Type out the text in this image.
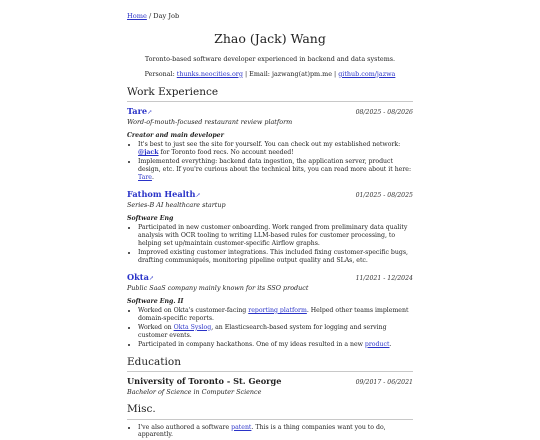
Home / Day Job
Zhao (Jack) Wang
Toronto-based software developer experienced in backend and data systems.
Personal: thunks.neocities.org | Email: jazwang(at)pm.me | github.com/jazwa
Work Experience
Tare↗	08/2025 - 08/2026
Word-of-mouth-focused restaurant review platform
Creator and main developer
• It's best to just see the site for yourself. You can check out my established network: @jack for Toronto food recs. No account needed!
• Implemented everything: backend data ingestion, the application server, product design, etc. If you're curious about the technical bits, you can read more about it here: Tare.
Fathom Health↗	01/2025 - 08/2025
Series-B AI healthcare startup
Software Eng
• Participated in new customer onboarding. Work ranged from preliminary data quality analysis with OCR tooling to writing LLM-based rules for customer processing, to helping set up/maintain customer-specific Airflow graphs.
• Improved existing customer integrations. This included fixing customer-specific bugs, drafting communiqués, monitoring pipeline output quality and SLAs, etc.
Okta↗	11/2021 - 12/2024
Public SaaS company mainly known for its SSO product
Software Eng. II
• Worked on Okta's customer-facing reporting platform. Helped other teams implement domain-specific reports.
• Worked on Okta Syslog, an Elasticsearch-based system for logging and serving customer events.
• Participated in company hackathons. One of my ideas resulted in a new product.
Education
University of Toronto - St. George	09/2017 - 06/2021
Bachelor of Science in Computer Science
Misc.
• I've also authored a software patent. This is a thing companies want you to do, apparently.
